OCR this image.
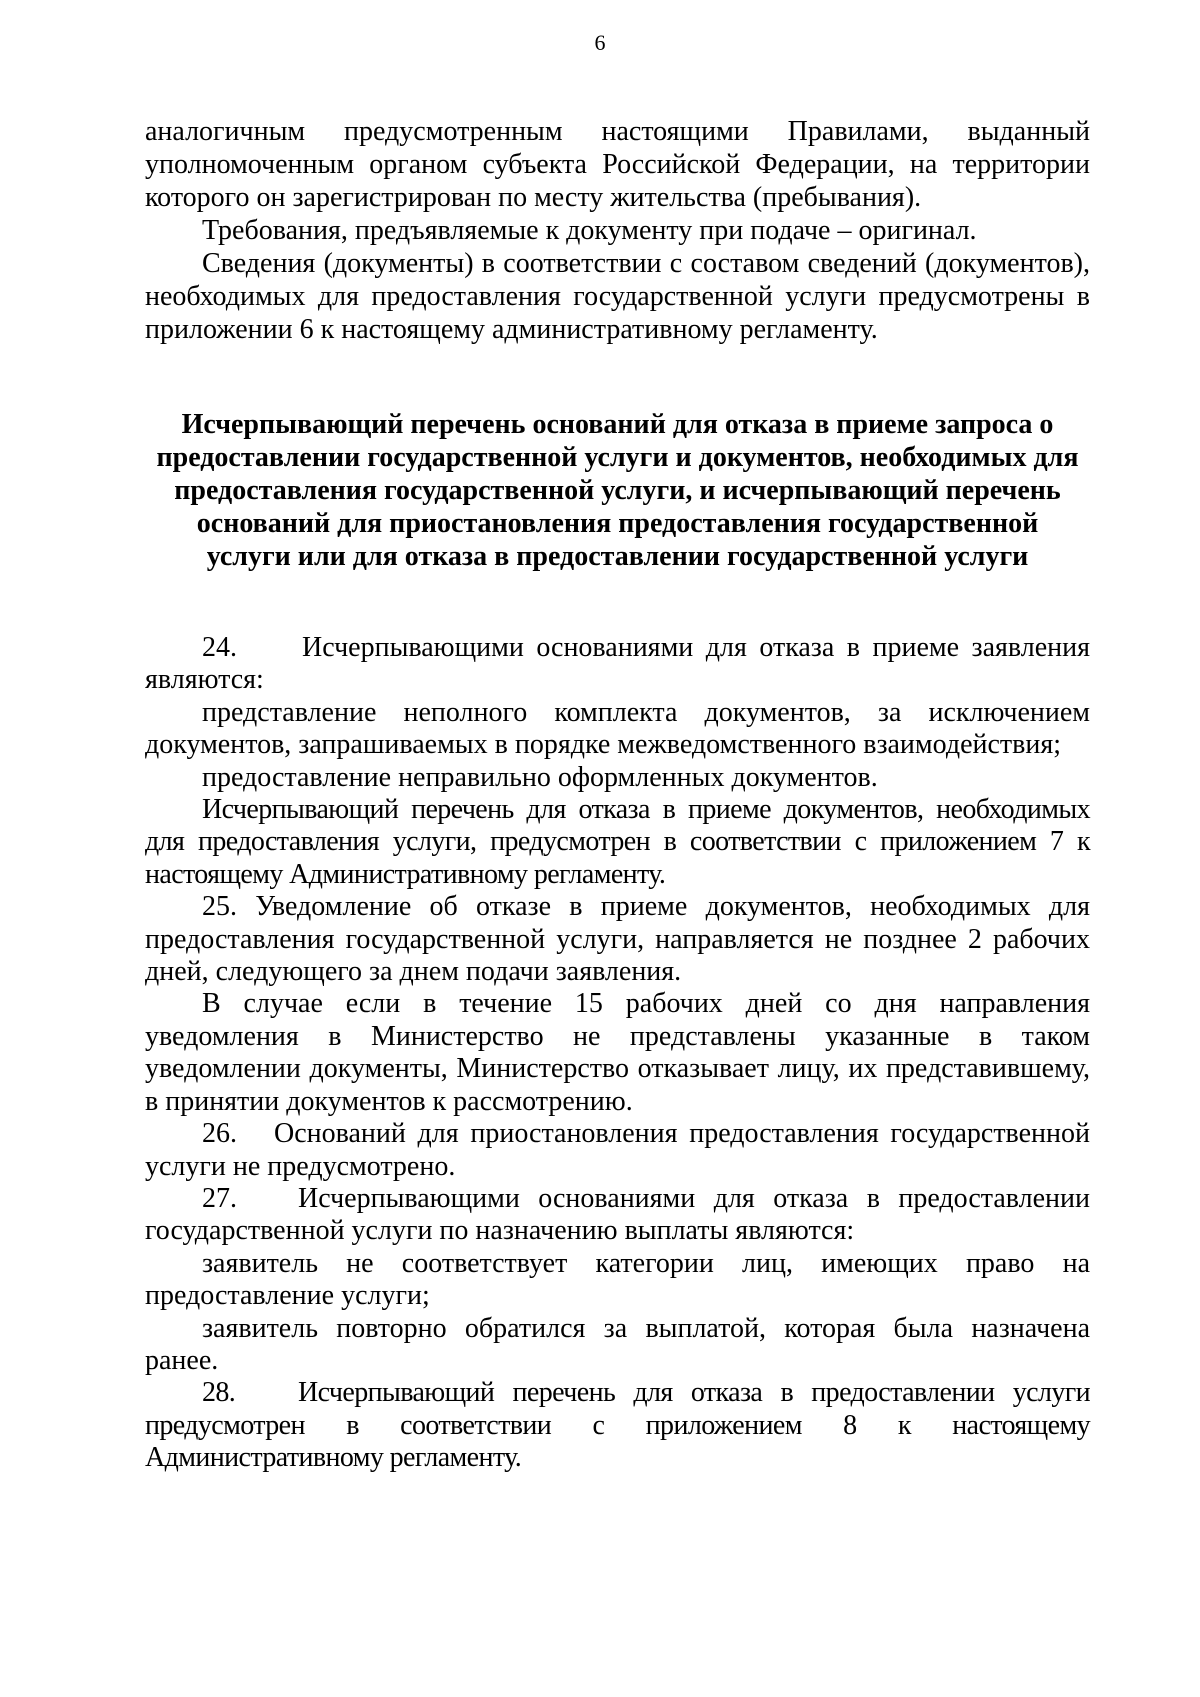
6

аналогичным предусмотренным настоящими Правилами, выданный уполномоченным органом субъекта Российской Федерации, на территории которого он зарегистрирован по месту жительства (пребывания).

Требования, предъявляемые к документу при подаче – оригинал.

Сведения (документы) в соответствии с составом сведений (документов), необходимых для предоставления государственной услуги предусмотрены в приложении 6 к настоящему административному регламенту.

Исчерпывающий перечень оснований для отказа в приеме запроса о
предоставлении государственной услуги и документов, необходимых для
предоставления государственной услуги, и исчерпывающий перечень
оснований для приостановления предоставления государственной
услуги или для отказа в предоставлении государственной услуги

24. Исчерпывающими основаниями для отказа в приеме заявления являются:

представление неполного комплекта документов, за исключением документов, запрашиваемых в порядке межведомственного взаимодействия;

предоставление неправильно оформленных документов.

Исчерпывающий перечень для отказа в приеме документов, необходимых для предоставления услуги, предусмотрен в соответствии с приложением 7 к настоящему Административному регламенту.

25. Уведомление об отказе в приеме документов, необходимых для предоставления государственной услуги, направляется не позднее 2 рабочих дней, следующего за днем подачи заявления.

В случае если в течение 15 рабочих дней со дня направления уведомления в Министерство не представлены указанные в таком уведомлении документы, Министерство отказывает лицу, их представившему, в принятии документов к рассмотрению.

26. Оснований для приостановления предоставления государственной услуги не предусмотрено.

27. Исчерпывающими основаниями для отказа в предоставлении государственной услуги по назначению выплаты являются:

заявитель не соответствует категории лиц, имеющих право на предоставление услуги;

заявитель повторно обратился за выплатой, которая была назначена ранее.

28. Исчерпывающий перечень для отказа в предоставлении услуги предусмотрен в соответствии с приложением 8 к настоящему Административному регламенту.
